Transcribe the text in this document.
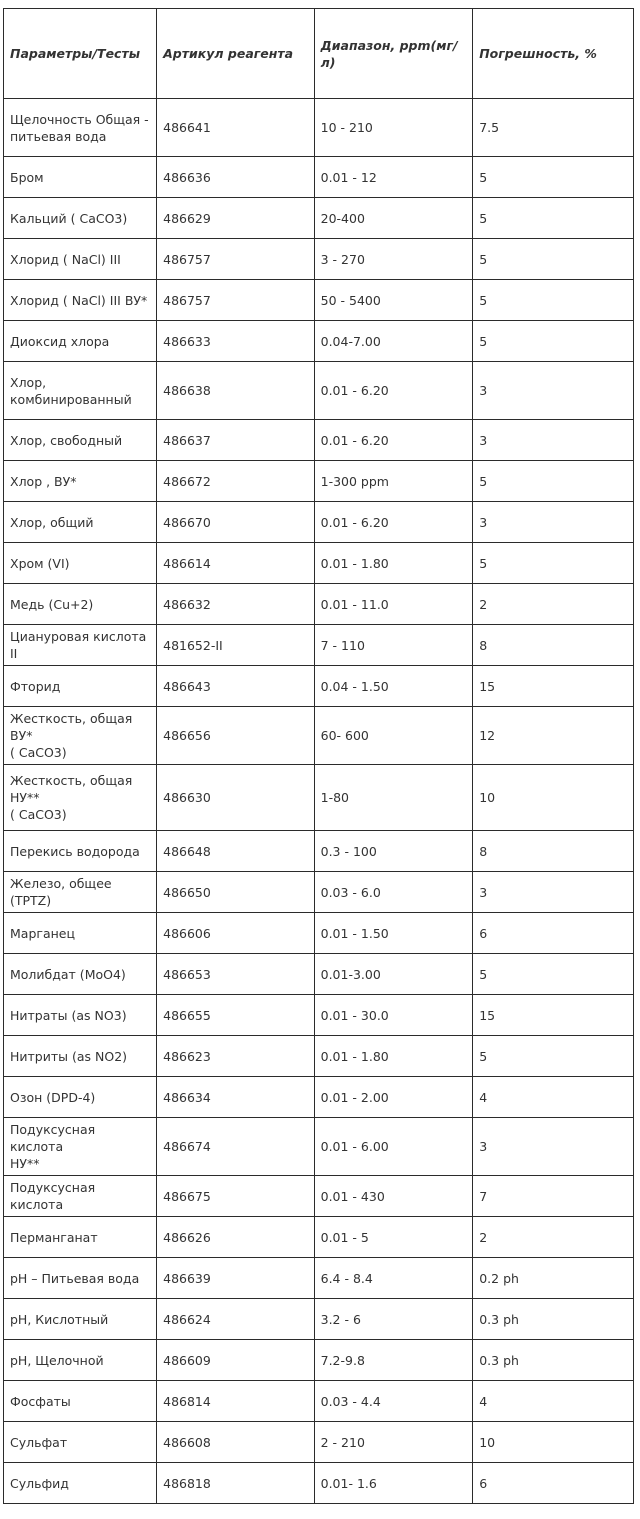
Параметры/Тесты	Артикул реагента	Диапазон, ppm(мг/л)	Погрешность, %

Щелочность Общая -
питьевая вода	486641	10 - 210	7.5

Бром	486636	0.01 - 12	5

Кальций ( CaCO3)	486629	20-400	5

Хлорид ( NaCl) III	486757	3 - 270	5

Хлорид ( NaCl) III ВУ*	486757	50 - 5400	5

Диоксид хлора	486633	0.04-7.00	5

Хлор,
комбинированный	486638	0.01 - 6.20	3

Хлор, свободный	486637	0.01 - 6.20	3

Хлор , ВУ*	486672	1-300 ppm	5

Хлор, общий	486670	0.01 - 6.20	3

Хром (VI)	486614	0.01 - 1.80	5

Медь (Cu+2)	486632	0.01 - 11.0	2

Циануровая кислота II	481652-II	7 - 110	8

Фторид	486643	0.04 - 1.50	15

Жесткость, общая ВУ*
( CaCO3)	486656	60- 600	12

Жесткость, общая НУ**
( CaCO3)	486630	1-80	10

Перекись водорода	486648	0.3 - 100	8

Железо, общее (TPTZ)	486650	0.03 - 6.0	3

Марганец	486606	0.01 - 1.50	6

Молибдат (MoO4)	486653	0.01-3.00	5

Нитраты (as NO3)	486655	0.01 - 30.0	15

Нитриты (as NO2)	486623	0.01 - 1.80	5

Озон (DPD-4)	486634	0.01 - 2.00	4

Подуксусная кислота
НУ**	486674	0.01 - 6.00	3

Подуксусная кислота	486675	0.01 - 430	7

Перманганат	486626	0.01 - 5	2

pH – Питьевая вода	486639	6.4 - 8.4	0.2 ph

pH, Кислотный	486624	3.2 - 6	0.3 ph

pH, Щелочной	486609	7.2-9.8	0.3 ph

Фосфаты	486814	0.03 - 4.4	4

Сульфат	486608	2 - 210	10

Сульфид	486818	0.01- 1.6	6
